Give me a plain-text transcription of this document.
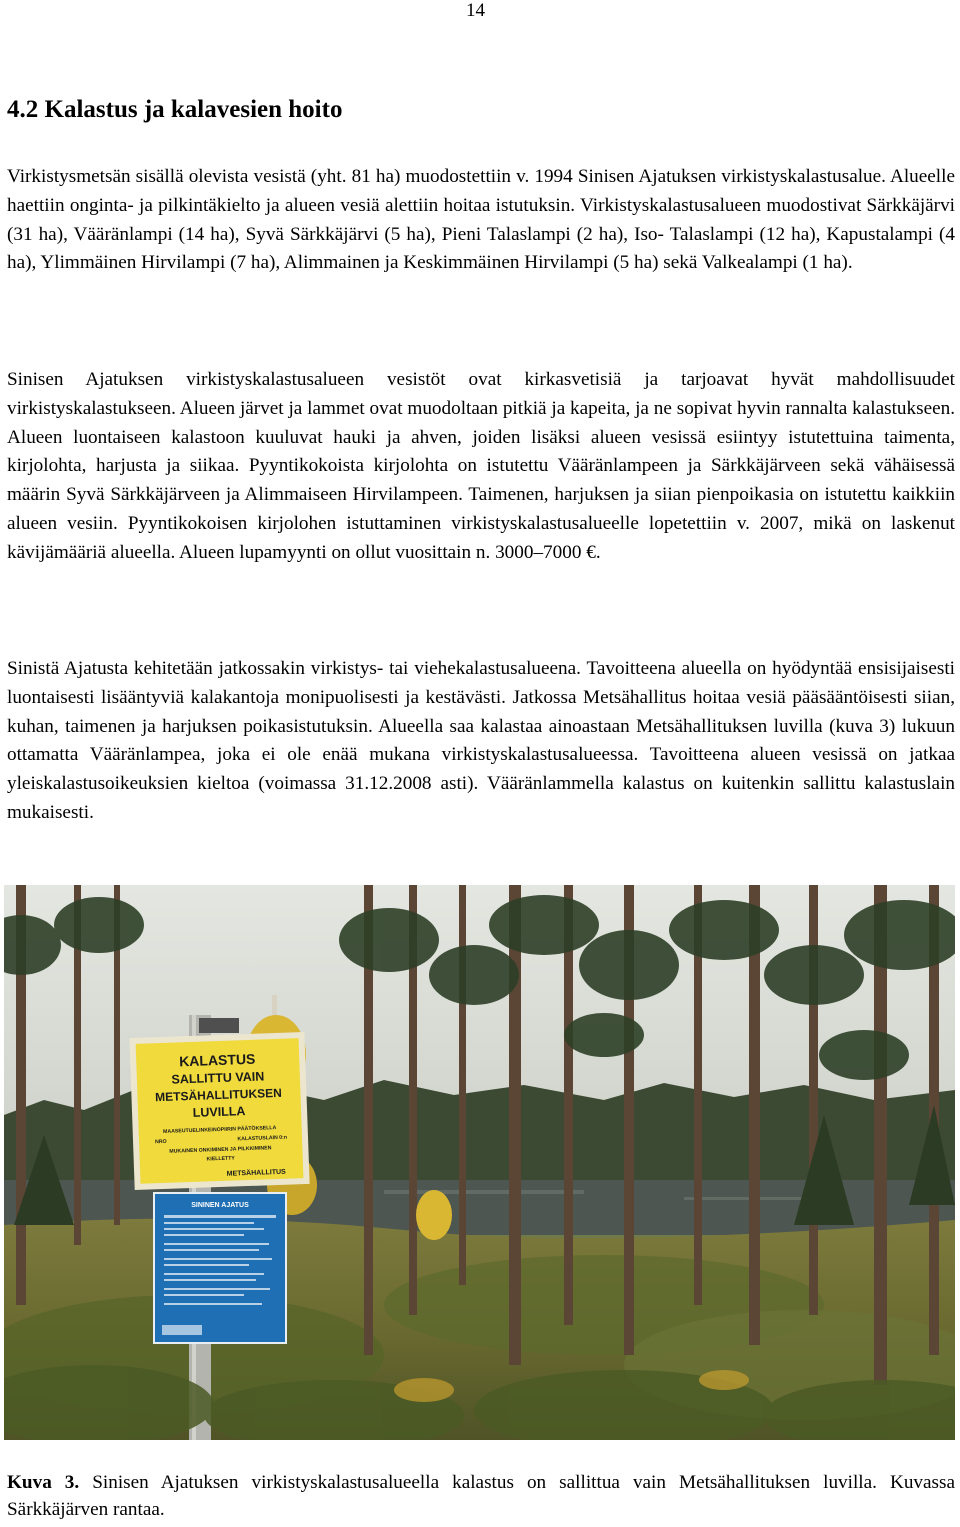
14
4.2 Kalastus ja kalavesien hoito

Virkistysmetsän sisällä olevista vesistä (yht. 81 ha) muodostettiin v. 1994 Sinisen Ajatuksen virkistyskalastusalue. Alueelle haettiin onginta- ja pilkintäkielto ja alueen vesiä alettiin hoitaa istutuksin. Virkistyskalastusalueen muodostivat Särkkäjärvi (31 ha), Vääränlampi (14 ha), Syvä Särkkäjärvi (5 ha), Pieni Talaslampi (2 ha), Iso- Talaslampi (12 ha), Kapustalampi (4 ha), Ylimmäinen Hirvilampi (7 ha), Alimmainen ja Keskimmäinen Hirvilampi (5 ha) sekä Valkealampi (1 ha).

Sinisen Ajatuksen virkistyskalastusalueen vesistöt ovat kirkasvetisiä ja tarjoavat hyvät mahdollisuudet virkistyskalastukseen. Alueen järvet ja lammet ovat muodoltaan pitkiä ja kapeita, ja ne sopivat hyvin rannalta kalastukseen. Alueen luontaiseen kalastoon kuuluvat hauki ja ahven, joiden lisäksi alueen vesissä esiintyy istutettuina taimenta, kirjolohta, harjusta ja siikaa. Pyyntikokoista kirjolohta on istutettu Vääränlampeen ja Särkkäjärveen sekä vähäisessä määrin Syvä Särkkäjärveen ja Alimmaiseen Hirvilampeen. Taimenen, harjuksen ja siian pienpoikasia on istutettu kaikkiin alueen vesiin. Pyyntikokoisen kirjolohen istuttaminen virkistyskalastusalueelle lopetettiin v. 2007, mikä on laskenut kävijämääriä alueella. Alueen lupamyynti on ollut vuosittain n. 3000–7000 €.

Sinistä Ajatusta kehitetään jatkossakin virkistys- tai viehekalastusalueena. Tavoitteena alueella on hyödyntää ensisijaisesti luontaisesti lisääntyviä kalakantoja monipuolisesti ja kestävästi. Jatkossa Metsähallitus hoitaa vesiä pääsääntöisesti siian, kuhan, taimenen ja harjuksen poikasistutuksin. Alueella saa kalastaa ainoastaan Metsähallituksen luvilla (kuva 3) lukuun ottamatta Vääränlampea, joka ei ole enää mukana virkistyskalastusalueessa. Tavoitteena alueen vesissä on jatkaa yleiskalastusoikeuksien kieltoa (voimassa 31.12.2008 asti). Vääränlammella kalastus on kuitenkin sallittu kalastuslain mukaisesti.

KALASTUS
SALLITTU VAIN
METSÄHALLITUKSEN
LUVILLA
MAASEUTUELINKEINOPIIRIN PÄÄTÖKSELLA
NRO	KALASTUSLAIN 0:n
MUKAINEN ONKIMINEN JA PILKKIMINEN
KIELLETTY
METSÄHALLITUS
SININEN AJATUS

Kuva 3. Sinisen Ajatuksen virkistyskalastusalueella kalastus on sallittua vain Metsähallituksen luvilla. Kuvassa Särkkäjärven rantaa.
